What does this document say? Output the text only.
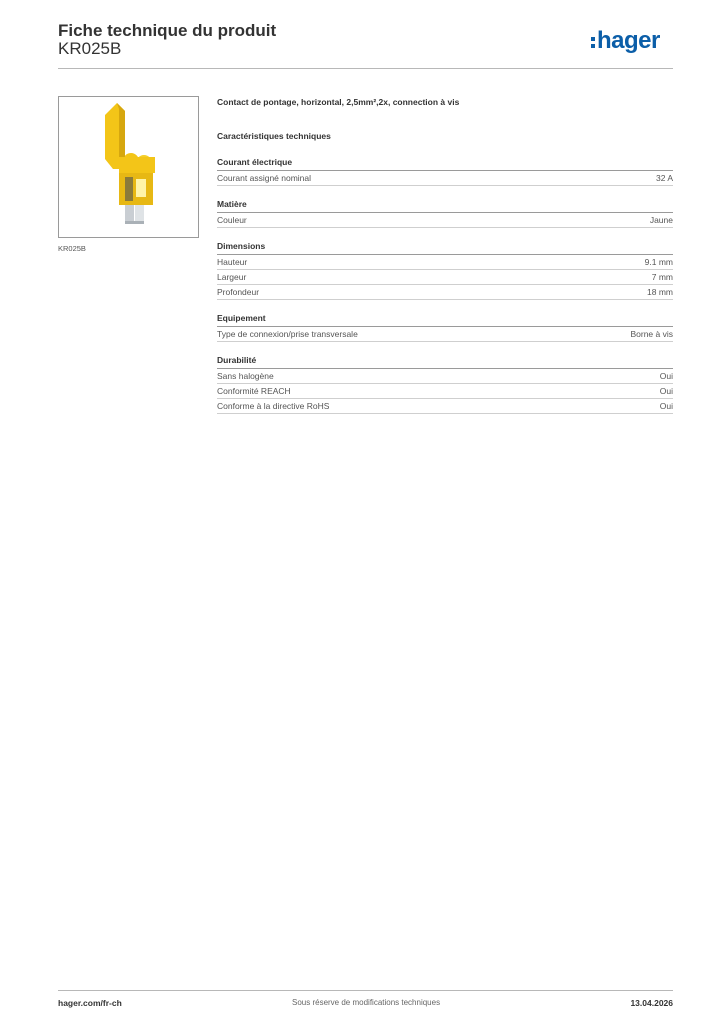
Fiche technique du produit
KR025B	hager
KR025B
Contact de pontage, horizontal, 2,5mm²,2x, connection à vis
Caractéristiques techniques
Courant électrique
Courant assigné nominal	32 A
Matière
Couleur	Jaune
Dimensions
Hauteur	9.1 mm
Largeur	7 mm
Profondeur	18 mm
Equipement
Type de connexion/prise transversale	Borne à vis
Durabilité
Sans halogène	Oui
Conformité REACH	Oui
Conforme à la directive RoHS	Oui
hager.com/fr-ch	Sous réserve de modifications techniques	13.04.2026
